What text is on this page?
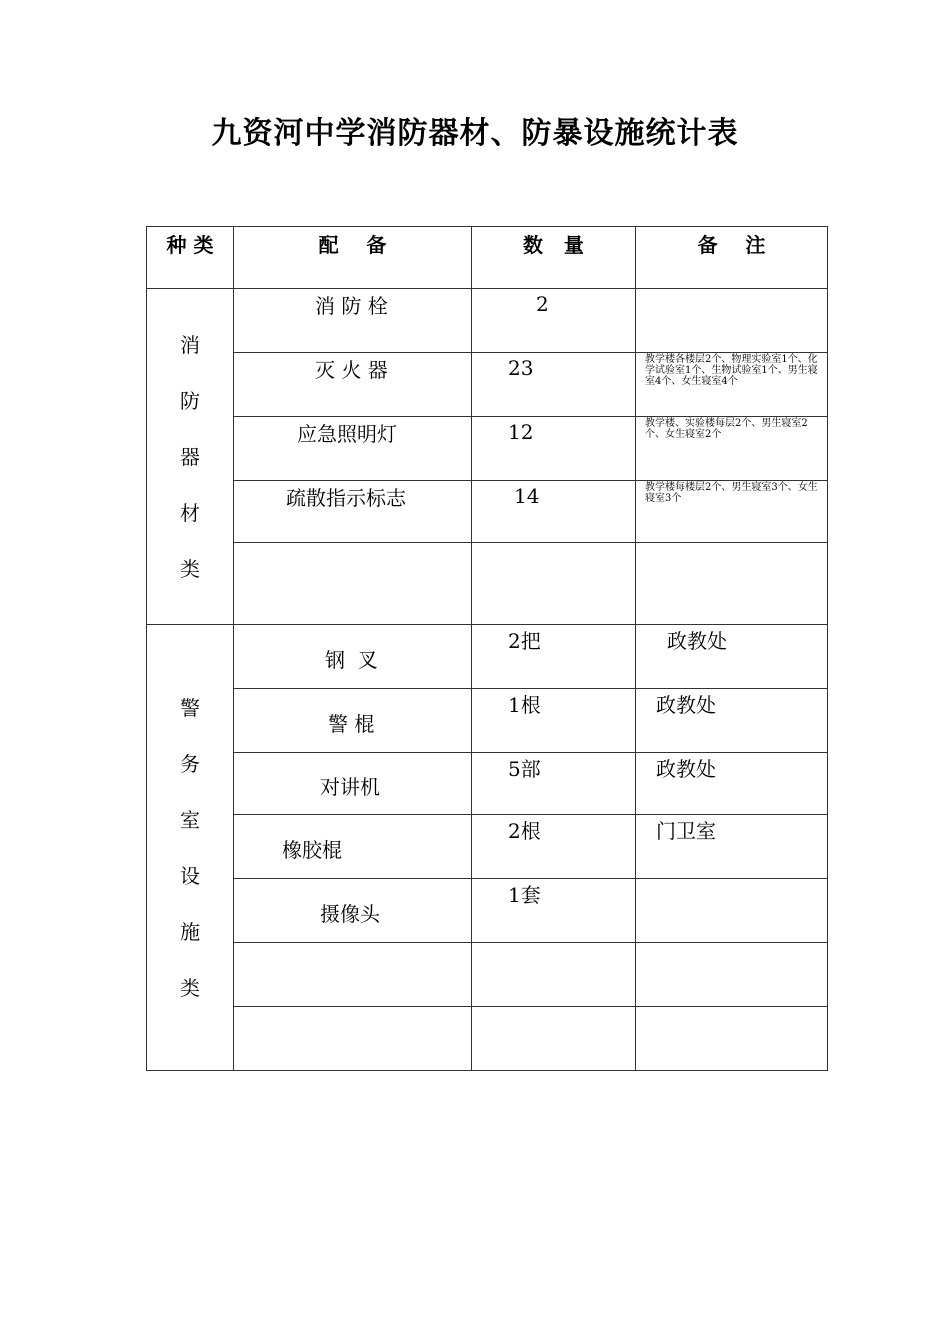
九资河中学消防器材、防暴设施统计表
种 类	配    备	数   量	备    注

消防器材类	消 防 栓	2	

	灭 火 器	23	教学楼各楼层2个、物理实验室1个、化学试验室1个、生物试验室1个、男生寝室4个、女生寝室4个

	应急照明灯	12	教学楼、实验楼每层2个、男生寝室2个、女生寝室2个

	疏散指示标志	14	教学楼每楼层2个、男生寝室3个、女生寝室3个

警务室设施类	钢  叉	2把	政教处

	警 棍	1根	政教处

	对讲机	5部	政教处

	橡胶棍	2根	门卫室

	摄像头	1套	
